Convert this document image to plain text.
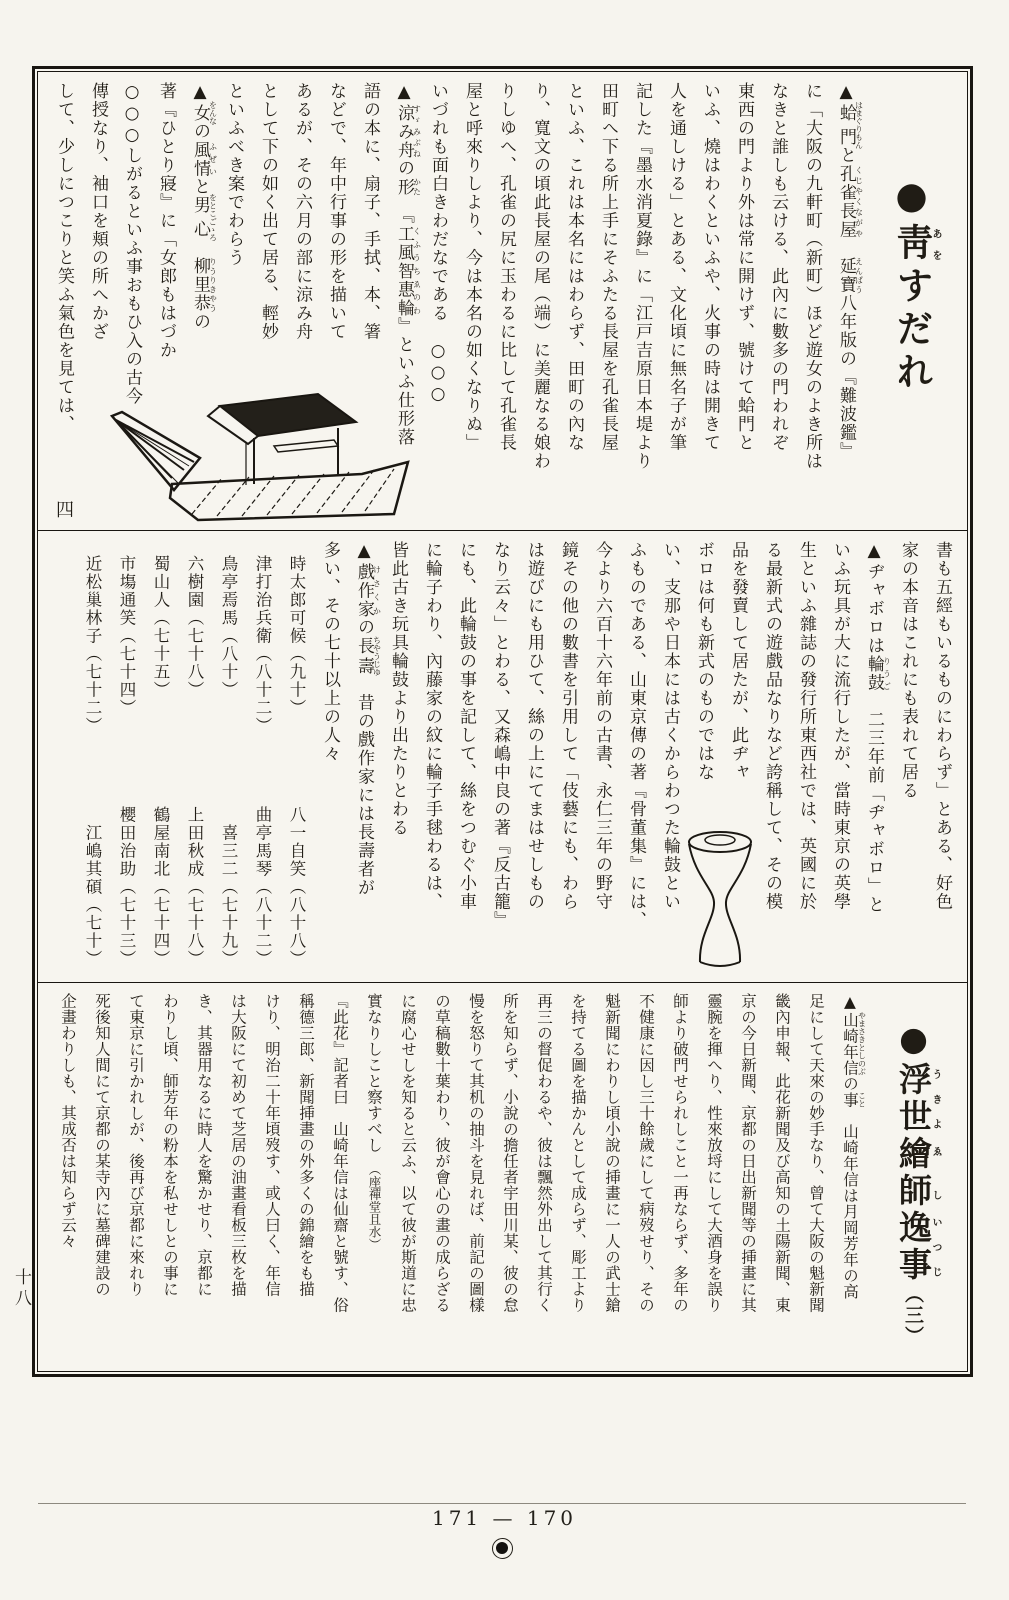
●靑あをすだれ
▲蛤門はまぐりもんと孔雀長屋くじやくながや　延寶えんぱう八年版の『難波鑑』
に「大阪の九軒町（新町）ほど遊女のよき所は
なきと誰しも云ける、此內に數多の門われぞ
東西の門より外は常に開けず、號けて蛤門と
いふ、燒はわくといふや、火事の時は開きて
人を通しける」とある、文化頃に無名子が筆
記した『墨水消夏錄』に「江戸吉原日本堤より
田町へ下る所上手にそふたる長屋を孔雀長屋
といふ、これは本名にはわらず、田町の內な
り、寬文の頃此長屋の尾（端）に美麗なる娘わ
りしゆへ、孔雀の尻に玉わるに比して孔雀長
屋と呼來りしより、今は本名の如くなりぬ」
いづれも面白きわだなである　○○○
▲涼み舟すゞみぶねの形かた　『工風智惠輪くふうちゑのわ』といふ仕形落
語の本に、扇子、手拭、本、箸
などで、年中行事の形を描いて
あるが、その六月の部に涼み舟
として下の如く出て居る、輕妙
といふべき案でわらう
▲女をんなの風情ふぜいと男心をとこごゝろ　柳里恭りうりきやうの
著『ひとり寢』に「女郎もはづか
○○○しがるといふ事おもひ入の古今
傳授なり、袖口を頬の所へかざ
して、少しにつこりと笑ふ氣色を見ては、
四
書も五經もいるものにわらず」とある、好色
家の本音はこれにも表れて居る
▲ヂャボロは輪鼓りうご　二三年前「ヂャボロ」と
いふ玩具が大に流行したが、當時東京の英學
生といふ雜誌の發行所東西社では、英國に於
る最新式の遊戲品なりなど誇稱して、その模
品を發賣して居たが、此ヂャ
ボロは何も新式のものではな
い、支那や日本には古くからわつた輪鼓とい
ふものである、山東京傳の著『骨董集』には、
今より六百十六年前の古書、永仁三年の野守
鏡その他の數書を引用して「伎藝にも、わら
は遊びにも用ひて、絲の上にてまはせしもの
なり云々」とわる、又森嶋中良の著『反古籠』
にも、此輪鼓の事を記して、絲をつむぐ小車
に輪子わり、內藤家の紋に輪子手毬わるは、
皆此古き玩具輪鼓より出たりとわる
▲戲作家けさくかの長壽ちやうじゆ　昔の戲作家には長壽者が
多い、その七十以上の人々
時太郎可候（九十）
八一自笑（八十八）
津打治兵衛（八十二）
曲亭馬琴（八十二）
鳥亭焉馬（八十）
喜三二（七十九）
六樹園（七十八）
上田秋成（七十八）
蜀山人（七十五）
鶴屋南北（七十四）
市塲通笑（七十四）
櫻田治助（七十三）
近松巢林子（七十二）
江嶋其碩（七十）
●浮世うきよ繪師ゑし逸事いつじ（三）
▲山崎年信やまさきとしのぶの事こと　山崎年信は月岡芳年の高
足にして天來の妙手なり、曾て大阪の魁新聞
畿內申報、此花新聞及び高知の土陽新聞、東
京の今日新聞、京都の日出新聞等の挿畫に其
靈腕を揮へり、性來放埒にして大酒身を誤り
師より破門せられしこと一再ならず、多年の
不健康に因し三十餘歲にして病歿せり、その
魁新聞にわりし頃小說の挿畫に一人の武士鎗
を持てる圖を描かんとして成らず、彫工より
再三の督促わるや、彼は飄然外出して其行く
所を知らず、小說の擔任者宇田川某、彼の怠
慢を怒りて其机の抽斗を見れば、前記の圖樣
の草稿數十葉わり、彼が會心の畫の成らざる
に腐心せしを知ると云ふ、以て彼が斯道に忠
實なりしこと察すべし　（座禪堂且水）
『此花』記者曰　山崎年信は仙齋と號す、俗
稱德三郎、新聞挿畫の外多くの錦繪をも描
けり、明治二十年頃歿す、或人曰く、年信
は大阪にて初めて芝居の油畫看板三枚を描
き、其器用なるに時人を驚かせり、京都に
わりし頃、師芳年の粉本を私せしとの事に
て東京に引かれしが、後再び京都に來れり
死後知人間にて京都の某寺內に墓碑建設の
企畫わりしも、其成否は知らず云々
十八
171 — 170
